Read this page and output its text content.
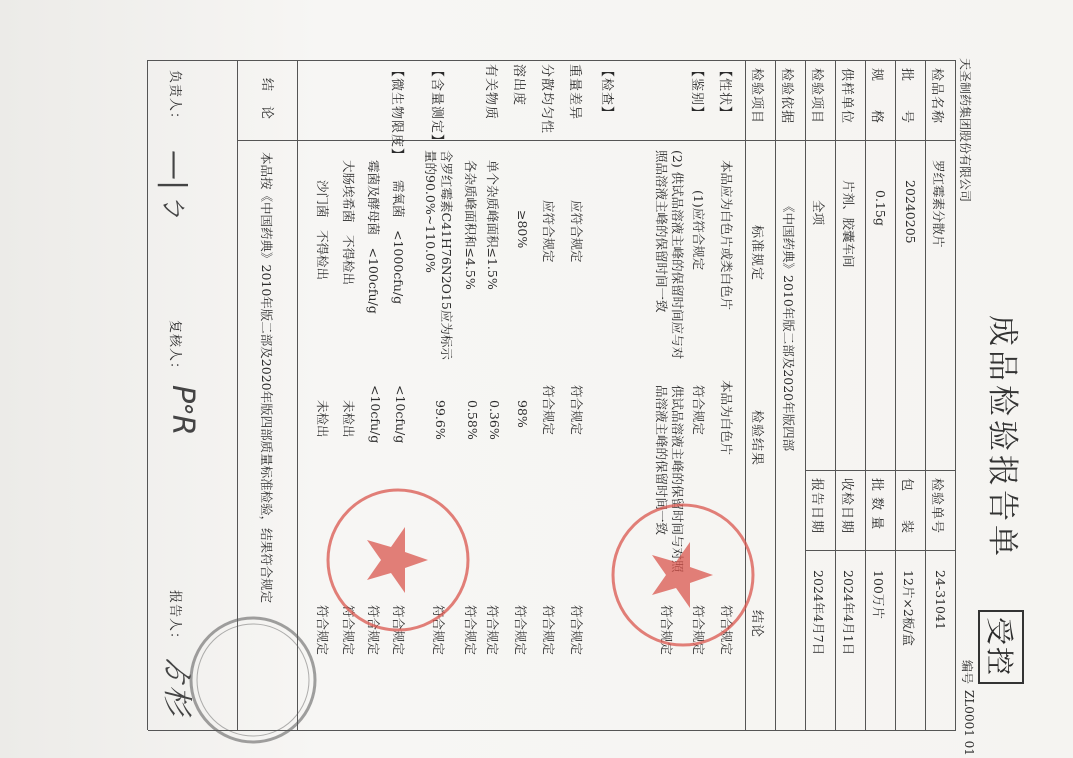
成品检验报告单
受控
编号
ZL0001 01
天圣制药集团股份有限公司
检品名称
罗红霉素分散片
检验单号
24-31041
批　　号
20240205
包　　装
12片×2板/盒
规　　格
0.15g
批 数 量
100万片
供样单位
片剂、胶囊车间
收检日期
2024年4月1日
检验项目
全项
报告日期
2024年4月7日
检验依据
《中国药典》2010年版二部及2020年版四部
检验项目
标准规定
检验结果
结论
【性状】
本品应为白色片或类白色片
本品为白色片
符合规定
【鉴别】
(1)应符合规定
符合规定
符合规定
(2) 供试品溶液主峰的保留时间应与对照品溶液主峰的保留时间一致
供试品溶液主峰的保留时间与对照品溶液主峰的保留时间一致
符合规定
【检查】
重量差异
应符合规定
符合规定
符合规定
分散均匀性
应符合规定
符合规定
符合规定
溶出度
≥80%
98%
符合规定
有关物质
单个杂质峰面积≤1.5%
0.36%
符合规定
各杂质峰面积和≤4.5%
0.58%
符合规定
【含量测定】
含罗红霉素C41H76N2O15应为标示量的90.0%~110.0%
99.6%
符合规定
【微生物限度】
需氧菌　<1000cfu/g
<10cfu/g
符合规定
霉菌及酵母菌　<100cfu/g
<10cfu/g
符合规定
大肠埃希菌　不得检出
未检出
符合规定
沙门菌　不得检出
未检出
符合规定
结　论
本品按《中国药典》2010年版二部及2020年版四部质量标准检验，结果符合规定
负责人：
—|ㄅ
复核人：
PᐤR
报告人：
ゟ杉
